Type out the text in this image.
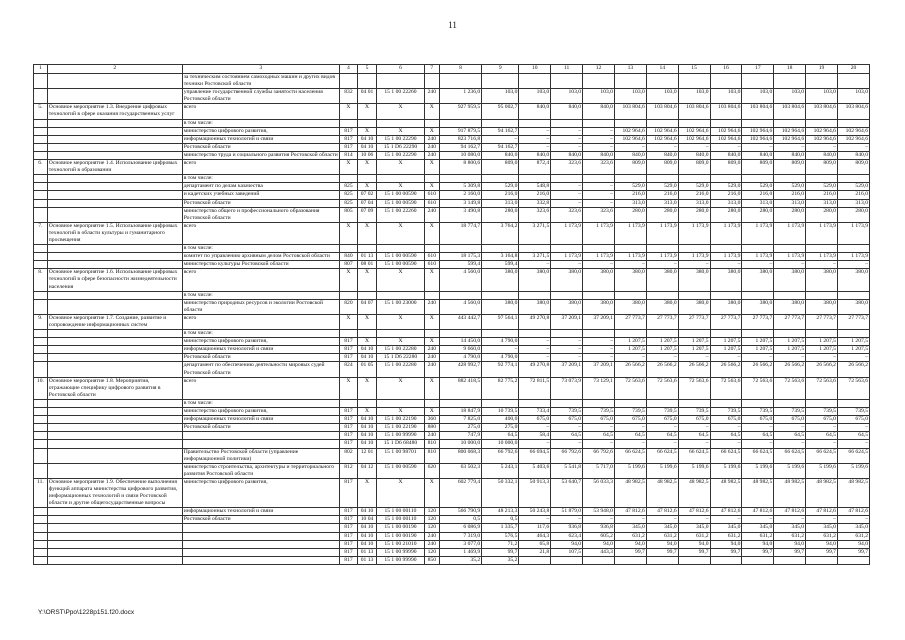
11
1	2	3	4	5	6	7	8	9	10	11	12	13	14	15	16	17	18	19	20
		за техническим состоянием самоходных машин и других видов техники Ростовской области																	
		управление государственной службы занятости населения Ростовской области	832	04 01	15 1 00 22260	240	1 236,0	103,0	103,0	103,0	103,0	103,0	103,0	103,0	103,0	103,0	103,0	103,0	103,0
5.	Основное мероприятие 1.3. Внедрение цифровых технологий в сфере оказания государственных услуг	всего	X	X	X	X	927 959,5	95 002,7	840,0	840,0	840,0	103 804,6	103 804,6	103 804,6	103 804,6	103 804,6	103 804,6	103 804,6	103 804,6
		в том числе:																	
		министерство цифрового развития,	817	X	X	X	917 879,5	94 162,7	–	–	–	102 964,6	102 964,6	102 964,6	102 964,6	102 964,6	102 964,6	102 964,6	102 964,6
		информационных технологий и связи	817	04 10	15 1 00 22290	240	823 716,8	–	–	–	–	102 964,6	102 964,6	102 964,6	102 964,6	102 964,6	102 964,6	102 964,6	102 964,6
		Ростовской области	817	04 10	15 1 D6 22290	240	94 162,7	94 162,7	–	–	–	–	–	–	–	–	–	–	–
		министерство труда и социального развития Ростовской области	814	10 06	15 1 00 22290	240	10 080,0	840,0	840,0	840,0	840,0	840,0	840,0	840,0	840,0	840,0	840,0	840,0	840,0
6.	Основное мероприятие 1.4. Использование цифровых технологий в образовании	всего	X	X	X	X	8 800,6	809,0	872,4	323,6	323,6	809,0	809,0	809,0	809,0	809,0	809,0	809,0	809,0
		в том числе:																	
		департамент по делам казачества	825	X	X	X	5 309,8	529,0	548,8	–	–	529,0	529,0	529,0	529,0	529,0	529,0	529,0	529,0
		и кадетских учебных заведений	825	07 02	15 1 00 00590	610	2 160,0	216,0	216,0	–	–	216,0	216,0	216,0	216,0	216,0	216,0	216,0	216,0
		Ростовской области	825	07 04	15 1 00 00590	610	3 149,8	313,0	332,8	–	–	313,0	313,0	313,0	313,0	313,0	313,0	313,0	313,0
		министерство общего и профессионального образования Ростовской области	805	07 09	15 1 00 22260	240	3 490,8	280,0	323,6	323,6	323,6	280,0	280,0	280,0	280,0	280,0	280,0	280,0	280,0
7.	Основное мероприятие 1.5. Использование цифровых технологий в области культуры и гуманитарного просвещения	всего	X	X	X	X	18 774,7	3 764,2	3 271,5	1 173,9	1 173,9	1 173,9	1 173,9	1 173,9	1 173,9	1 173,9	1 173,9	1 173,9	1 173,9
		в том числе:																	
		комитет по управлению архивным делом Ростовской области	840	01 13	15 1 00 00590	610	18 175,3	3 164,8	3 271,5	1 173,9	1 173,9	1 173,9	1 173,9	1 173,9	1 173,9	1 173,9	1 173,9	1 173,9	1 173,9
		министерство культуры Ростовской области	807	08 01	15 1 00 00590	610	599,4	599,4	–	–	–	–	–	–	–	–	–	–	–
8.	Основное мероприятие 1.6. Использование цифровых технологий в сфере безопасности жизнедеятельности населения	всего	X	X	X	X	4 560,0	380,0	380,0	380,0	380,0	380,0	380,0	380,0	380,0	380,0	380,0	380,0	380,0
		в том числе:																	
		министерство природных ресурсов и экологии Ростовской области	820	04 07	15 1 00 23000	240	4 560,0	380,0	380,0	380,0	380,0	380,0	380,0	380,0	380,0	380,0	380,0	380,0	380,0
9.	Основное мероприятие 1.7. Создание, развитие и сопровождение информационных систем	всего	X	X	X	X	443 442,7	97 564,1	49 270,8	37 209,1	37 209,1	27 773,7	27 773,7	27 773,7	27 773,7	27 773,7	27 773,7	27 773,7	27 773,7
		в том числе:																	
		министерство цифрового развития,	817	X	X	X	14 450,0	4 790,0	–	–	–	1 207,5	1 207,5	1 207,5	1 207,5	1 207,5	1 207,5	1 207,5	1 207,5
		информационных технологий и связи	817	04 10	15 1 00 22280	240	9 660,0	–	–	–	–	1 207,5	1 207,5	1 207,5	1 207,5	1 207,5	1 207,5	1 207,5	1 207,5
		Ростовской области	817	04 10	15 1 D6 22280	240	4 790,0	4 790,0	–	–	–	–	–	–	–	–	–	–	–
		департамент по обеспечению деятельности мировых судей Ростовской области	824	01 05	15 1 00 22280	240	428 992,7	92 774,1	49 270,8	37 209,1	37 209,1	26 566,2	26 566,2	26 566,2	26 566,2	26 566,2	26 566,2	26 566,2	26 566,2
10.	Основное мероприятие 1.8. Мероприятия, отражающие специфику цифрового развития в Ростовской области	всего	X	X	X	X	882 418,5	82 775,2	72 811,5	73 073,9	73 129,1	72 563,6	72 563,6	72 563,6	72 563,6	72 563,6	72 563,6	72 563,6	72 563,6
		в том числе:																	
		министерство цифрового развития,	817	X	X	X	18 847,9	10 739,5	733,4	739,5	739,5	739,5	739,5	739,5	739,5	739,5	739,5	739,5	739,5
		информационных технологий и связи	817	04 10	15 1 00 22190	360	7 825,0	400,0	675,0	675,0	675,0	675,0	675,0	675,0	675,0	675,0	675,0	675,0	675,0
		Ростовской области	817	04 10	15 1 00 22190	880	275,0	275,0	–	–	–	–	–	–	–	–	–	–	–
			817	04 10	15 1 00 99990	240	747,9	64,5	58,4	64,5	64,5	64,5	64,5	64,5	64,5	64,5	64,5	64,5	64,5
			817	04 10	15 1 D6 68480	810	10 000,0	10 000,0	–	–	–	–	–	–	–	–	–	–	–
		Правительство Ростовской области (управление информационной политики)	802	12 01	15 1 00 98701	810	800 068,3	66 792,6	66 694,5	66 792,6	66 792,6	66 624,5	66 624,5	66 624,5	66 624,5	66 624,5	66 624,5	66 624,5	66 624,5
		министерство строительства, архитектуры и территориального развития Ростовской области	812	04 12	15 1 00 00590	620	63 502,3	5 243,1	5 403,6	5 541,8	5 717,0	5 199,6	5 199,6	5 199,6	5 199,6	5 199,6	5 199,6	5 199,6	5 199,6
11.	Основное мероприятие 1.9. Обеспечение выполнения функций аппарата министерства цифрового развития, информационных технологий и связи Ростовской области и другие общегосударственные вопросы	министерство цифрового развития,	817	X	X	X	602 779,4	50 332,1	50 913,3	53 640,7	56 033,3	48 982,5	48 982,5	48 982,5	48 982,5	48 982,5	48 982,5	48 982,5	48 982,5
		информационных технологий и связи	817	04 10	15 1 00 00110	120	566 790,9	48 213,3	50 243,8	51 879,0	53 948,0	47 812,6	47 812,6	47 812,6	47 812,6	47 812,6	47 812,6	47 812,6	47 812,6
		Ростовской области	817	10 04	15 1 00 00110	120	0,5	0,5	–	–	–	–	–	–	–	–	–	–	–
			817	04 10	15 1 00 00190	120	6 086,9	1 335,7	117,6	936,8	936,8	345,0	345,0	345,0	345,0	345,0	345,0	345,0	345,0
			817	04 10	15 1 00 00190	240	7 319,0	576,5	464,3	623,4	605,2	631,2	631,2	631,2	631,2	631,2	631,2	631,2	631,2
			817	04 10	15 1 00 21010	240	3 077,0	71,2	65,8	94,0	94,0	94,0	94,0	94,0	94,0	94,0	94,0	94,0	94,0
			817	01 13	15 1 00 99990	120	1 469,9	99,7	21,8	107,5	443,3	99,7	99,7	99,7	99,7	99,7	99,7	99,7	99,7
			817	01 13	15 1 00 99990	850	35,2	35,2											
Y:\ORST\Ppo\1228p151.f20.docx
